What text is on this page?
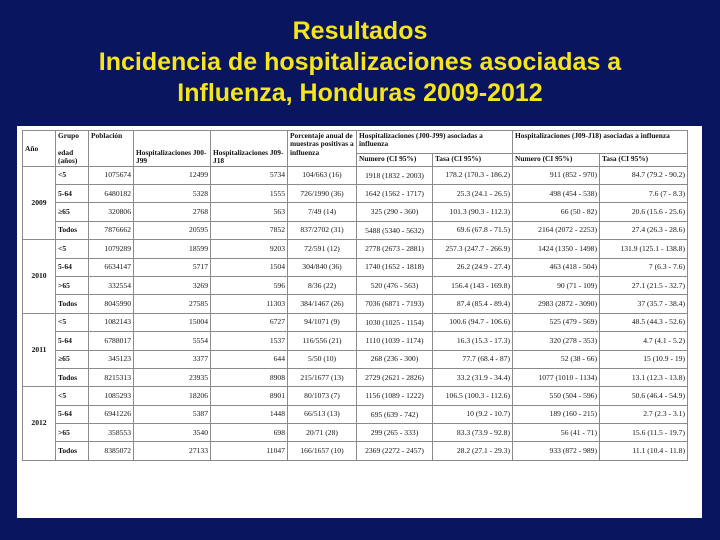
Resultados
Incidencia de hospitalizaciones asociadas a
Influenza, Honduras 2009-2012
Año	Grupo

edad (años)	Población	Hospitalizaciones J00-J99	Hospitalizaciones J09-J18	Porcentaje anual de muestras positivas a influenza	Hospitalizaciones (J00-J99) asociadas a influenza		Hospitalizaciones (J09-J18) asociadas a influenza	
						Numero (CI 95%)	Tasa (CI 95%)	Numero (CI 95%)	Tasa (CI 95%)
2009	<5	1075674	12499	5734	104/663 (16)	1918 (1832 - 2003)	178.2 (170.3 - 186.2)	911 (852 - 970)	84.7 (79.2 - 90.2)
	5-64	6480182	5328	1555	726/1990 (36)	1642 (1562 - 1717)	25.3 (24.1 - 26.5)	498 (454 - 538)	7.6 (7 - 8.3)
	≥65	320806	2768	563	7/49 (14)	325 (290 - 360)	101.3 (90.3 - 112.3)	66 (50 - 82)	20.6 (15.6 - 25.6)
	Todos	7876662	20595	7852	837/2702 (31)	5488 (5340 - 5632)	69.6 (67.8 - 71.5)	2164 (2072 - 2253)	27.4 (26.3 - 28.6)
2010	<5	1079289	18599	9203	72/591 (12)	2778 (2673 - 2881)	257.3 (247.7 - 266.9)	1424 (1350 - 1498)	131.9 (125.1 - 138.8)
	5-64	6634147	5717	1504	304/840 (36)	1740 (1652 - 1818)	26.2 (24.9 - 27.4)	463 (418 - 504)	7 (6.3 - 7.6)
	>65	332554	3269	596	8/36 (22)	520 (476 - 563)	156.4 (143 - 169.8)	90 (71 - 109)	27.1 (21.5 - 32.7)
	Todos	8045990	27585	11303	384/1467 (26)	7036 (6871 - 7193)	87.4 (85.4 - 89.4)	2983 (2872 - 3090)	37 (35.7 - 38.4)
2011	<5	1082143	15004	6727	94/1071 (9)	1030 (1025 - 1154)	100.6 (94.7 - 106.6)	525 (479 - 569)	48.5 (44.3 - 52.6)
	5-64	6788017	5554	1537	116/556 (21)	1110 (1039 - 1174)	16.3 (15.3 - 17.3)	320 (278 - 353)	4.7 (4.1 - 5.2)
	≥65	345123	3377	644	5/50 (10)	268 (236 - 300)	77.7 (68.4 - 87)	52 (38 - 66)	15 (10.9 - 19)
	Todos	8215313	23935	8908	215/1677 (13)	2729 (2621 - 2826)	33.2 (31.9 - 34.4)	1077 (1010 - 1134)	13.1 (12.3 - 13.8)
2012	<5	1085293	18206	8901	80/1073 (7)	1156 (1089 - 1222)	106.5 (100.3 - 112.6)	550 (504 - 596)	50.6 (46.4 - 54.9)
	5-64	6941226	5387	1448	66/513 (13)	695 (639 - 742)	10 (9.2 - 10.7)	189 (160 - 215)	2.7 (2.3 - 3.1)
	>65	358553	3540	698	20/71 (28)	299 (265 - 333)	83.3 (73.9 - 92.8)	56 (41 - 71)	15.6 (11.5 - 19.7)
	Todos	8385072	27133	11047	166/1657 (10)	2369 (2272 - 2457)	28.2 (27.1 - 29.3)	933 (872 - 989)	11.1 (10.4 - 11.8)
